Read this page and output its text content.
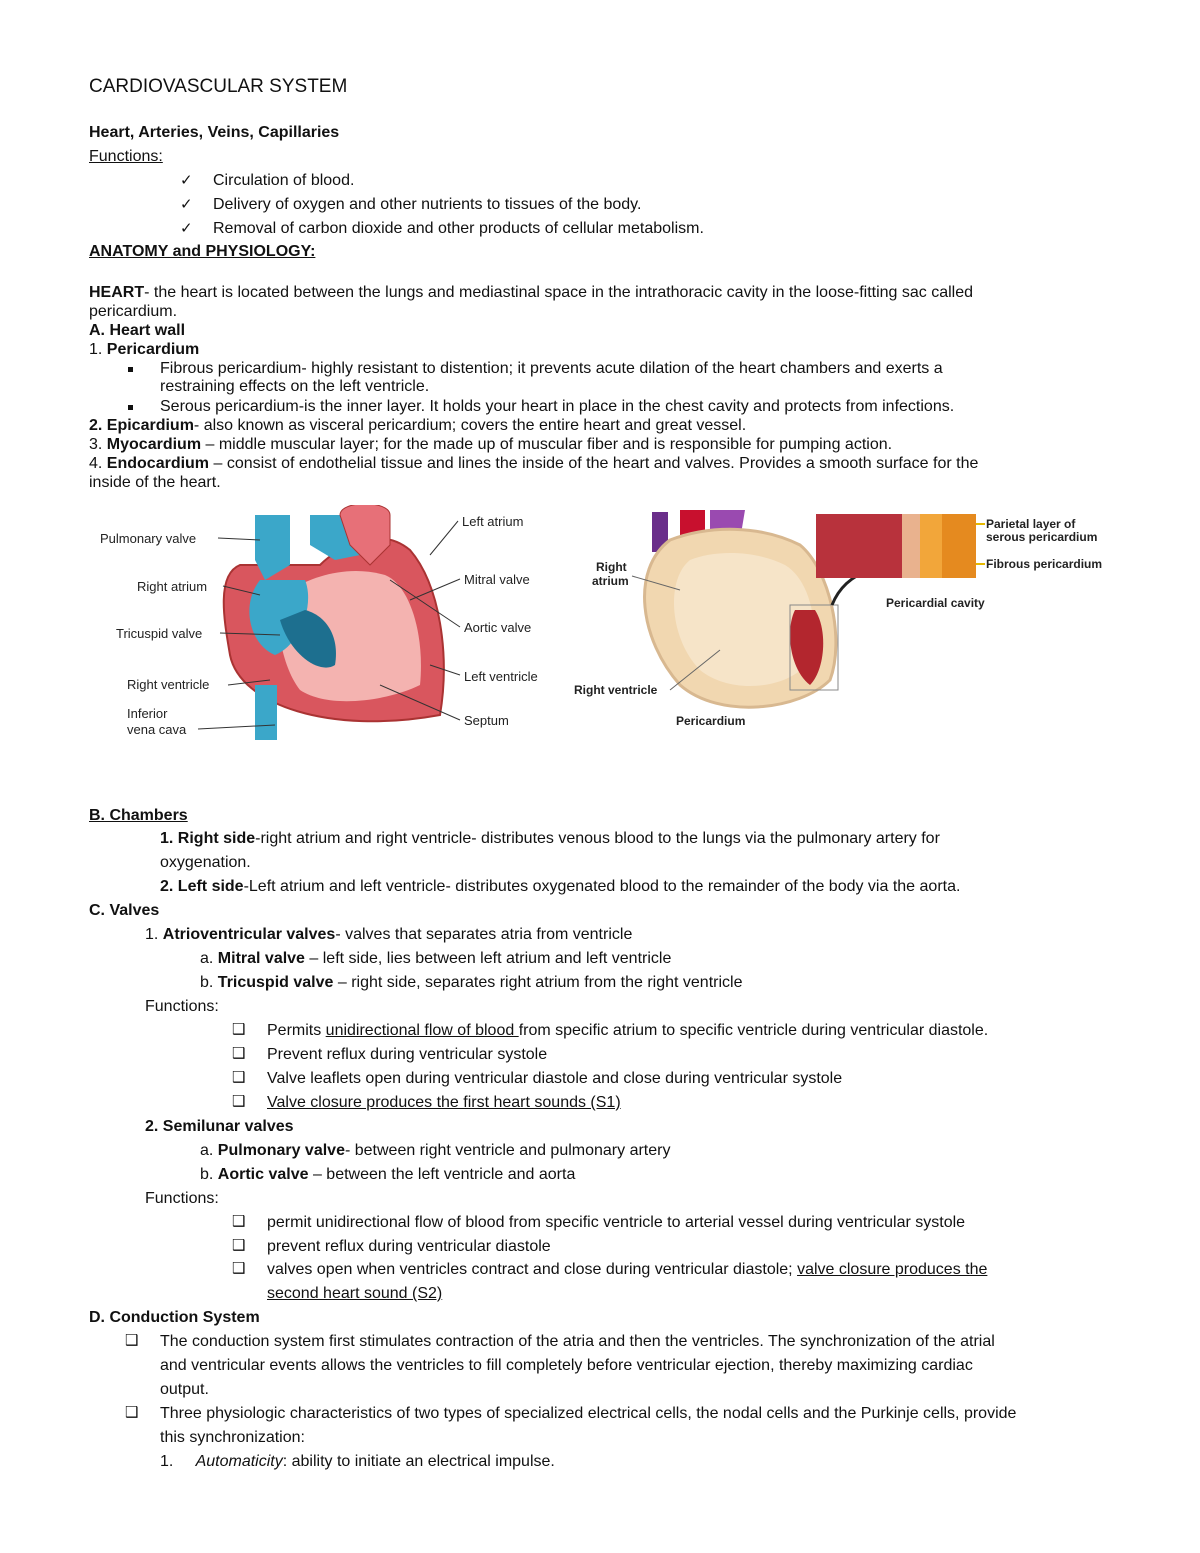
CARDIOVASCULAR SYSTEM
Heart, Arteries, Veins, Capillaries
Functions:
✓ Circulation of blood.
✓ Delivery of oxygen and other nutrients to tissues of the body.
✓ Removal of carbon dioxide and other products of cellular metabolism.
ANATOMY and PHYSIOLOGY:
HEART- the heart is located between the lungs and mediastinal space in the intrathoracic cavity in the loose-fitting sac called
pericardium.
A. Heart wall
1. Pericardium
Fibrous pericardium- highly resistant to distention; it prevents acute dilation of the heart chambers and exerts a
restraining effects on the left ventricle.
Serous pericardium-is the inner layer. It holds your heart in place in the chest cavity and protects from infections.
2. Epicardium- also known as visceral pericardium; covers the entire heart and great vessel.
3. Myocardium – middle muscular layer; for the made up of muscular fiber and is responsible for pumping action.
4. Endocardium – consist of endothelial tissue and lines the inside of the heart and valves. Provides a smooth surface for the
inside of the heart.
Pulmonary valve
Right atrium
Tricuspid valve
Right ventricle
Inferior
vena cava
Left atrium
Mitral valve
Aortic valve
Left ventricle
Septum
Right
atrium
Right ventricle
Pericardium
Parietal layer of
serous pericardium
Fibrous pericardium
Pericardial cavity
B. Chambers
1. Right side-right atrium and right ventricle- distributes venous blood to the lungs via the pulmonary artery for
oxygenation.
2. Left side-Left atrium and left ventricle- distributes oxygenated blood to the remainder of the body via the aorta.
C. Valves
1. Atrioventricular valves- valves that separates atria from ventricle
a. Mitral valve – left side, lies between left atrium and left ventricle
b. Tricuspid valve – right side, separates right atrium from the right ventricle
Functions:
❑ Permits unidirectional flow of blood from specific atrium to specific ventricle during ventricular diastole.
❑ Prevent reflux during ventricular systole
❑ Valve leaflets open during ventricular diastole and close during ventricular systole
❑ Valve closure produces the first heart sounds (S1)
2. Semilunar valves
a. Pulmonary valve- between right ventricle and pulmonary artery
b. Aortic valve – between the left ventricle and aorta
Functions:
❑ permit unidirectional flow of blood from specific ventricle to arterial vessel during ventricular systole
❑ prevent reflux during ventricular diastole
❑ valves open when ventricles contract and close during ventricular diastole; valve closure produces the
second heart sound (S2)
D. Conduction System
❑ The conduction system first stimulates contraction of the atria and then the ventricles. The synchronization of the atrial
and ventricular events allows the ventricles to fill completely before ventricular ejection, thereby maximizing cardiac
output.
❑ Three physiologic characteristics of two types of specialized electrical cells, the nodal cells and the Purkinje cells, provide
this synchronization:
1. Automaticity: ability to initiate an electrical impulse.
